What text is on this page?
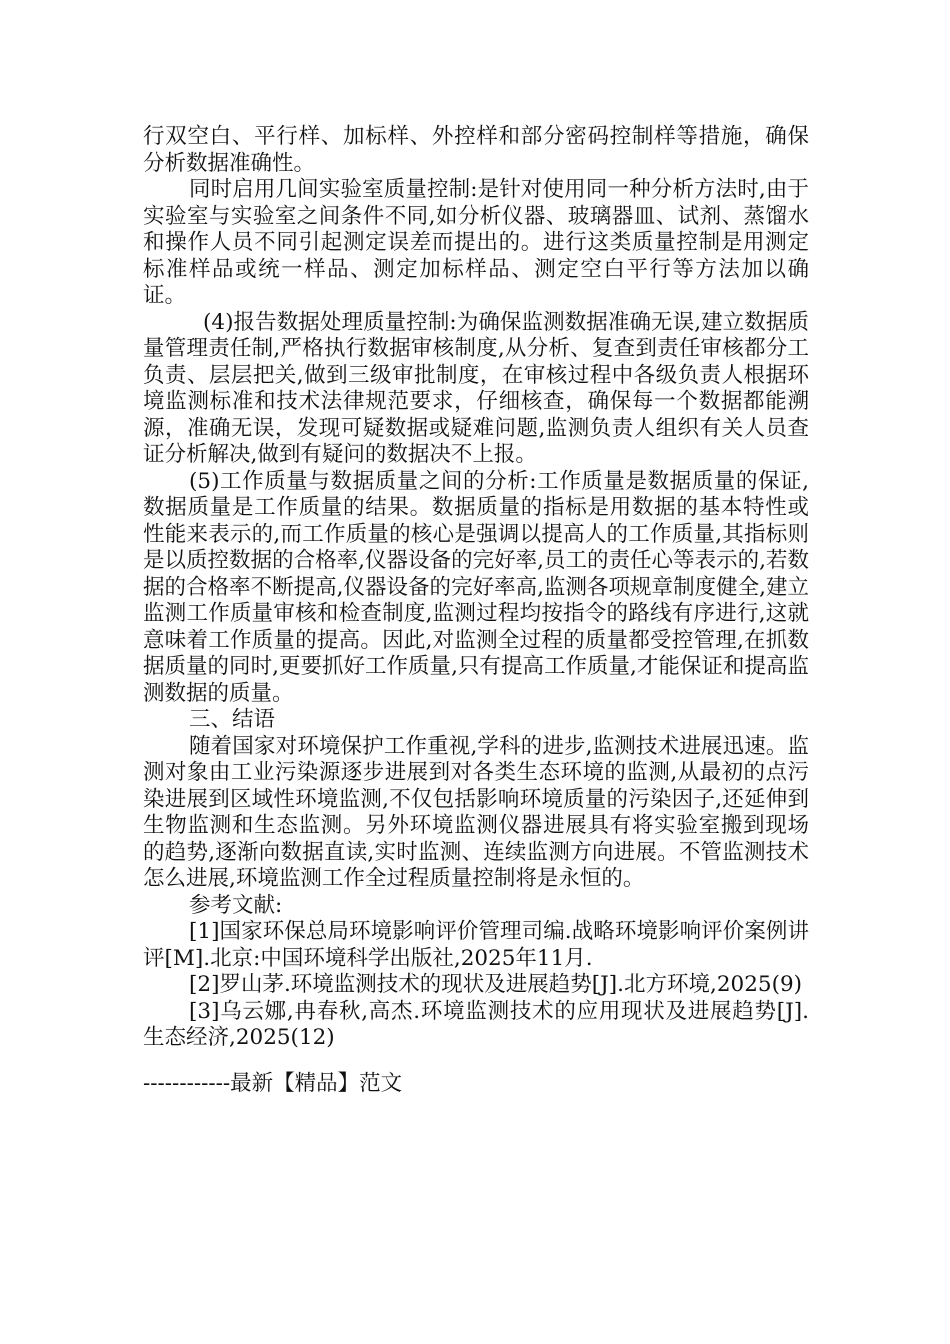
行双空白、平行样、加标样、外控样和部分密码控制样等措施，确保分析数据准确性。

同时启用几间实验室质量控制:是针对使用同一种分析方法时,由于实验室与实验室之间条件不同,如分析仪器、玻璃器皿、试剂、蒸馏水和操作人员不同引起测定误差而提出的。进行这类质量控制是用测定标准样品或统一样品、测定加标样品、测定空白平行等方法加以确证。

(4)报告数据处理质量控制:为确保监测数据准确无误,建立数据质量管理责任制,严格执行数据审核制度,从分析、复查到责任审核都分工负责、层层把关,做到三级审批制度，在审核过程中各级负责人根据环境监测标准和技术法律规范要求，仔细核查，确保每一个数据都能溯源，准确无误，发现可疑数据或疑难问题,监测负责人组织有关人员查证分析解决,做到有疑问的数据决不上报。

(5)工作质量与数据质量之间的分析:工作质量是数据质量的保证,数据质量是工作质量的结果。数据质量的指标是用数据的基本特性或性能来表示的,而工作质量的核心是强调以提高人的工作质量,其指标则是以质控数据的合格率,仪器设备的完好率,员工的责任心等表示的,若数据的合格率不断提高,仪器设备的完好率高,监测各项规章制度健全,建立监测工作质量审核和检查制度,监测过程均按指令的路线有序进行,这就意味着工作质量的提高。因此,对监测全过程的质量都受控管理,在抓数据质量的同时,更要抓好工作质量,只有提高工作质量,才能保证和提高监测数据的质量。

三、结语

随着国家对环境保护工作重视,学科的进步,监测技术进展迅速。监测对象由工业污染源逐步进展到对各类生态环境的监测,从最初的点污染进展到区域性环境监测,不仅包括影响环境质量的污染因子,还延伸到生物监测和生态监测。另外环境监测仪器进展具有将实验室搬到现场的趋势,逐渐向数据直读,实时监测、连续监测方向进展。不管监测技术怎么进展,环境监测工作全过程质量控制将是永恒的。

参考文献:

[1]国家环保总局环境影响评价管理司编.战略环境影响评价案例讲评[M].北京:中国环境科学出版社,2025年11月.

[2]罗山茅.环境监测技术的现状及进展趋势[J].北方环境,2025(9)

[3]乌云娜,冉春秋,高杰.环境监测技术的应用现状及进展趋势[J].生态经济,2025(12)

------------最新【精品】范文
